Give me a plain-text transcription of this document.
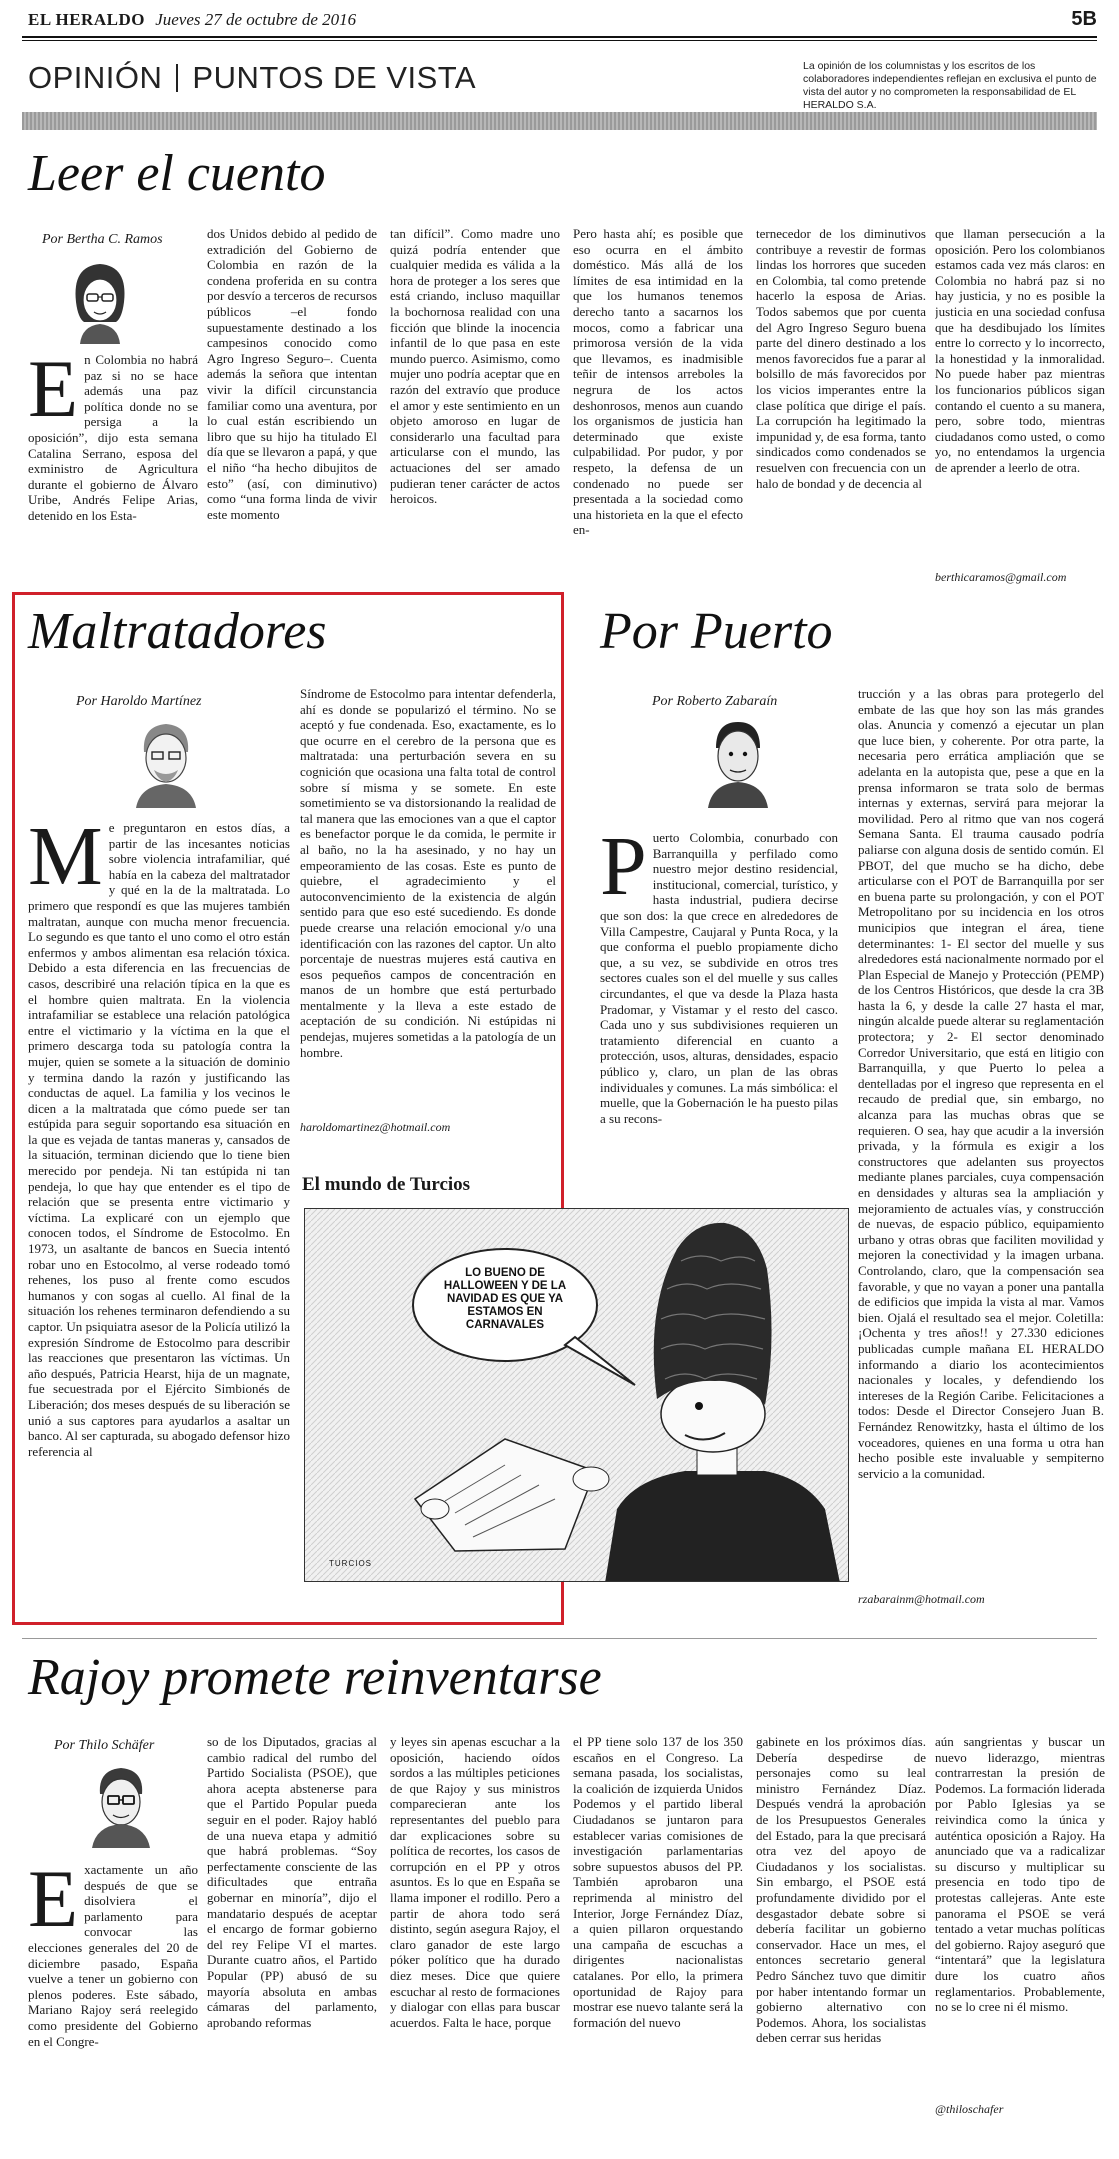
EL HERALDO Jueves 27 de octubre de 2016	5B
OPINIÓN PUNTOS DE VISTA	La opinión de los columnistas y los escritos de los colaboradores independientes reflejan en exclusiva el punto de vista del autor y no comprometen la responsabilidad de EL HERALDO S.A.
Leer el cuento
Por Bertha C. Ramos
En Colombia no habrá paz si no se hace además una paz política donde no se persiga a la oposición”, dijo esta semana Catalina Serrano, esposa del exministro de Agricultura durante el gobierno de Álvaro Uribe, Andrés Felipe Arias, detenido en los Esta-
dos Unidos debido al pedido de extradición del Gobierno de Colombia en razón de la condena proferida en su contra por desvío a terceros de recursos públicos –el fondo supuestamente destinado a los campesinos conocido como Agro Ingreso Seguro–. Cuenta además la señora que intentan vivir la difícil circunstancia familiar como una aventura, por lo cual están escribiendo un libro que su hijo ha titulado El día que se llevaron a papá, y que el niño “ha hecho dibujitos de esto” (así, con diminutivo) como “una forma linda de vivir este momento
tan difícil”. Como madre uno quizá podría entender que cualquier medida es válida a la hora de proteger a los seres que está criando, incluso maquillar la bochornosa realidad con una ficción que blinde la inocencia infantil de lo que pasa en este mundo puerco. Asimismo, como mujer uno podría aceptar que en razón del extravío que produce el amor y este sentimiento en un objeto amoroso en lugar de considerarlo una facultad para articularse con el mundo, las actuaciones del ser amado pudieran tener carácter de actos heroicos.
Pero hasta ahí; es posible que eso ocurra en el ámbito doméstico. Más allá de los límites de esa intimidad en la que los humanos tenemos derecho tanto a sacarnos los mocos, como a fabricar una primorosa versión de la vida que llevamos, es inadmisible teñir de intensos arreboles la negrura de los actos deshonrosos, menos aun cuando los organismos de justicia han determinado que existe culpabilidad. Por pudor, y por respeto, la defensa de un condenado no puede ser presentada a la sociedad como una historieta en la que el efecto en-
ternecedor de los diminutivos contribuye a revestir de formas lindas los horrores que suceden en Colombia, tal como pretende hacerlo la esposa de Arias. Todos sabemos que por cuenta del Agro Ingreso Seguro buena parte del dinero destinado a los menos favorecidos fue a parar al bolsillo de más favorecidos por los vicios imperantes entre la clase política que dirige el país. La corrupción ha legitimado la impunidad y, de esa forma, tanto sindicados como condenados se resuelven con frecuencia con un halo de bondad y de decencia al
que llaman persecución a la oposición. Pero los colombianos estamos cada vez más claros: en Colombia no habrá paz si no hay justicia, y no es posible la justicia en una sociedad confusa que ha desdibujado los límites entre lo correcto y lo incorrecto, la honestidad y la inmoralidad. No puede haber paz mientras los funcionarios públicos sigan contando el cuento a su manera, pero, sobre todo, mientras ciudadanos como usted, o como yo, no entendamos la urgencia de aprender a leerlo de otra.

berthicaramos@gmail.com

Maltratadores
Por Haroldo Martínez
Me preguntaron en estos días, a partir de las incesantes noticias sobre violencia intrafamiliar, qué había en la cabeza del maltratador y qué en la de la maltratada. Lo primero que respondí es que las mujeres también maltratan, aunque con mucha menor frecuencia. Lo segundo es que tanto el uno como el otro están enfermos y ambos alimentan esa relación tóxica. Debido a esta diferencia en las frecuencias de casos, describiré una relación típica en la que es el hombre quien maltrata. En la violencia intrafamiliar se establece una relación patológica entre el victimario y la víctima en la que el primero descarga toda su patología contra la mujer, quien se somete a la situación de dominio y termina dando la razón y justificando las conductas de aquel. La familia y los vecinos le dicen a la maltratada que cómo puede ser tan estúpida para seguir soportando esa situación en la que es vejada de tantas maneras y, cansados de la situación, terminan diciendo que lo tiene bien merecido por pendeja. Ni tan estúpida ni tan pendeja, lo que hay que entender es el tipo de relación que se presenta entre victimario y víctima. La explicaré con un ejemplo que conocen todos, el Síndrome de Estocolmo. En 1973, un asaltante de bancos en Suecia intentó robar uno en Estocolmo, al verse rodeado tomó rehenes, los puso al frente como escudos humanos y con sogas al cuello. Al final de la situación los rehenes terminaron defendiendo a su captor. Un psiquiatra asesor de la Policía utilizó la expresión Síndrome de Estocolmo para describir las reacciones que presentaron las víctimas. Un año después, Patricia Hearst, hija de un magnate, fue secuestrada por el Ejército Simbionés de Liberación; dos meses después de su liberación se unió a sus captores para ayudarlos a asaltar un banco. Al ser capturada, su abogado defensor hizo referencia al
Síndrome de Estocolmo para intentar defenderla, ahí es donde se popularizó el término. No se aceptó y fue condenada. Eso, exactamente, es lo que ocurre en el cerebro de la persona que es maltratada: una perturbación severa en su cognición que ocasiona una falta total de control sobre sí misma y se somete. En este sometimiento se va distorsionando la realidad de tal manera que las emociones van a que el captor es benefactor porque le da comida, le permite ir al baño, no la ha asesinado, y no hay un empeoramiento de las cosas. Este es punto de quiebre, el agradecimiento y el autoconvencimiento de la existencia de algún sentido para que eso esté sucediendo. Es donde puede crearse una relación emocional y/o una identificación con las razones del captor. Un alto porcentaje de nuestras mujeres está cautiva en esos pequeños campos de concentración en manos de un hombre que está perturbado mentalmente y la lleva a este estado de aceptación de su condición. Ni estúpidas ni pendejas, mujeres sometidas a la patología de un hombre.

haroldomartinez@hotmail.com

El mundo de Turcios
LO BUENO DE HALLOWEEN Y DE LA NAVIDAD ES QUE YA ESTAMOS EN CARNAVALES
TURCIOS
Por Puerto
Por Roberto Zabaraín
Puerto Colombia, conurbado con Barranquilla y perfilado como nuestro mejor destino residencial, institucional, comercial, turístico, y hasta industrial, pudiera decirse que son dos: la que crece en alrededores de Villa Campestre, Caujaral y Punta Roca, y la que conforma el pueblo propiamente dicho que, a su vez, se subdivide en otros tres sectores cuales son el del muelle y sus calles circundantes, el que va desde la Plaza hasta Pradomar, y Vistamar y el resto del casco. Cada uno y sus subdivisiones requieren un tratamiento diferencial en cuanto a protección, usos, alturas, densidades, espacio público y, claro, un plan de las obras individuales y comunes. La más simbólica: el muelle, que la Gobernación le ha puesto pilas a su recons-
trucción y a las obras para protegerlo del embate de las que hoy son las más grandes olas. Anuncia y comenzó a ejecutar un plan que luce bien, y coherente. Por otra parte, la necesaria pero errática ampliación que se adelanta en la autopista que, pese a que en la prensa informaron se trata solo de bermas internas y externas, servirá para mejorar la movilidad. Pero al ritmo que van nos cogerá Semana Santa. El trauma causado podría paliarse con alguna dosis de sentido común. El PBOT, del que mucho se ha dicho, debe articularse con el POT de Barranquilla por ser en buena parte su prolongación, y con el POT Metropolitano por su incidencia en los otros municipios que integran el área, tiene determinantes: 1- El sector del muelle y sus alrededores está nacionalmente normado por el Plan Especial de Manejo y Protección (PEMP) de los Centros Históricos, que desde la cra 3B hasta la 6, y desde la calle 27 hasta el mar, ningún alcalde puede alterar su reglamentación protectora; y 2- El sector denominado Corredor Universitario, que está en litigio con Barranquilla, y que Puerto lo pelea a dentelladas por el ingreso que representa en el recaudo de predial que, sin embargo, no alcanza para las muchas obras que se requieren. O sea, hay que acudir a la inversión privada, y la fórmula es exigir a los constructores que adelanten sus proyectos mediante planes parciales, cuya compensación en densidades y alturas sea la ampliación y mejoramiento de actuales vías, y construcción de nuevas, de espacio público, equipamiento urbano y otras obras que faciliten movilidad y mejoren la conectividad y la imagen urbana. Controlando, claro, que la compensación sea favorable, y que no vayan a poner una pantalla de edificios que impida la vista al mar. Vamos bien. Ojalá el resultado sea el mejor. Coletilla: ¡Ochenta y tres años!! y 27.330 ediciones publicadas cumple mañana EL HERALDO informando a diario los acontecimientos nacionales y locales, y defendiendo los intereses de la Región Caribe. Felicitaciones a todos: Desde el Director Consejero Juan B. Fernández Renowitzky, hasta el último de los voceadores, quienes en una forma u otra han hecho posible este invaluable y sempiterno servicio a la comunidad.

rzabarainm@hotmail.com

Rajoy promete reinventarse
Por Thilo Schäfer
Exactamente un año después de que se disolviera el parlamento para convocar las elecciones generales del 20 de diciembre pasado, España vuelve a tener un gobierno con plenos poderes. Este sábado, Mariano Rajoy será reelegido como presidente del Gobierno en el Congre-
so de los Diputados, gracias al cambio radical del rumbo del Partido Socialista (PSOE), que ahora acepta abstenerse para que el Partido Popular pueda seguir en el poder. Rajoy habló de una nueva etapa y admitió que habrá problemas. “Soy perfectamente consciente de las dificultades que entraña gobernar en minoría”, dijo el mandatario después de aceptar el encargo de formar gobierno del rey Felipe VI el martes. Durante cuatro años, el Partido Popular (PP) abusó de su mayoría absoluta en ambas cámaras del parlamento, aprobando reformas
y leyes sin apenas escuchar a la oposición, haciendo oídos sordos a las múltiples peticiones de que Rajoy y sus ministros comparecieran ante los representantes del pueblo para dar explicaciones sobre su política de recortes, los casos de corrupción en el PP y otros asuntos. Es lo que en España se llama imponer el rodillo. Pero a partir de ahora todo será distinto, según asegura Rajoy, el claro ganador de este largo póker político que ha durado diez meses. Dice que quiere escuchar al resto de formaciones y dialogar con ellas para buscar acuerdos. Falta le hace, porque
el PP tiene solo 137 de los 350 escaños en el Congreso. La semana pasada, los socialistas, la coalición de izquierda Unidos Podemos y el partido liberal Ciudadanos se juntaron para establecer varias comisiones de investigación parlamentarias sobre supuestos abusos del PP. También aprobaron una reprimenda al ministro del Interior, Jorge Fernández Díaz, a quien pillaron orquestando una campaña de escuchas a dirigentes nacionalistas catalanes. Por ello, la primera oportunidad de Rajoy para mostrar ese nuevo talante será la formación del nuevo
gabinete en los próximos días. Debería despedirse de personajes como su leal ministro Fernández Díaz. Después vendrá la aprobación de los Presupuestos Generales del Estado, para la que precisará otra vez del apoyo de Ciudadanos y los socialistas. Sin embargo, el PSOE está profundamente dividido por el desgastador debate sobre si debería facilitar un gobierno conservador. Hace un mes, el entonces secretario general Pedro Sánchez tuvo que dimitir por haber intentando formar un gobierno alternativo con Podemos. Ahora, los socialistas deben cerrar sus heridas
aún sangrientas y buscar un nuevo liderazgo, mientras contrarrestan la presión de Podemos. La formación liderada por Pablo Iglesias ya se reivindica como la única y auténtica oposición a Rajoy. Ha anunciado que va a radicalizar su discurso y multiplicar su presencia en todo tipo de protestas callejeras. Ante este panorama el PSOE se verá tentado a vetar muchas políticas del gobierno. Rajoy aseguró que “intentará” que la legislatura dure los cuatro años reglamentarios. Probablemente, no se lo cree ni él mismo.

@thiloschafer
